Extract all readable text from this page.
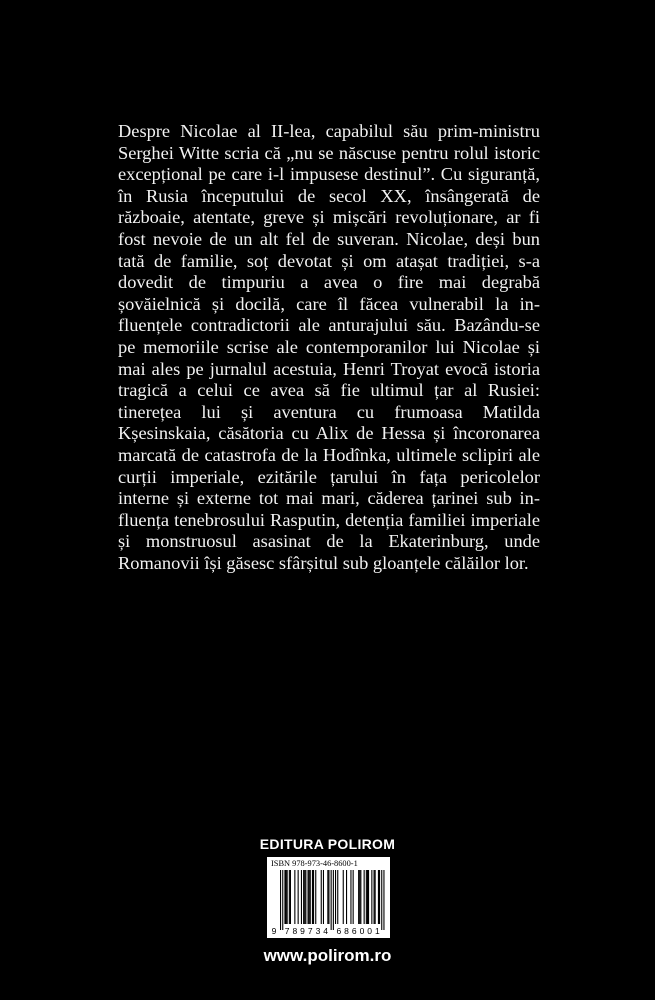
Despre Nicolae al II-lea, capabilul său prim-ministru Serghei Witte scria că „nu se născuse pentru rolul istoric excepțional pe care i-l impusese destinul”. Cu siguranță, în Rusia începutului de secol XX, însângerată de războaie, atentate, greve și mișcări revoluționare, ar fi fost nevoie de un alt fel de suveran. Nicolae, deși bun tată de familie, soț devotat și om atașat tradiției, s-a dovedit de timpuriu a avea o fire mai degrabă șovăielnică și docilă, care îl făcea vulnerabil la influențele contradictorii ale anturajului său. Bazându-se pe memoriile scrise ale contemporanilor lui Nicolae și mai ales pe jurnalul acestuia, Henri Troyat evocă istoria tragică a celui ce avea să fie ultimul țar al Rusiei: tinerețea lui și aventura cu frumoasa Matilda Kșesinskaia, căsătoria cu Alix de Hessa și încoronarea marcată de catastrofa de la Hodînka, ultimele sclipiri ale curții imperiale, ezitările țarului în fața pericolelor interne și externe tot mai mari, căderea țarinei sub influența tenebrosului Rasputin, detenția familiei imperiale și monstruosul asasinat de la Ekaterinburg, unde Romanovii își găsesc sfârșitul sub gloanțele călăilor lor.

EDITURA POLIROM
ISBN 978-973-46-8600-1
9 7 8 9 7 3 4 6 8 6 0 0 1
www.polirom.ro
